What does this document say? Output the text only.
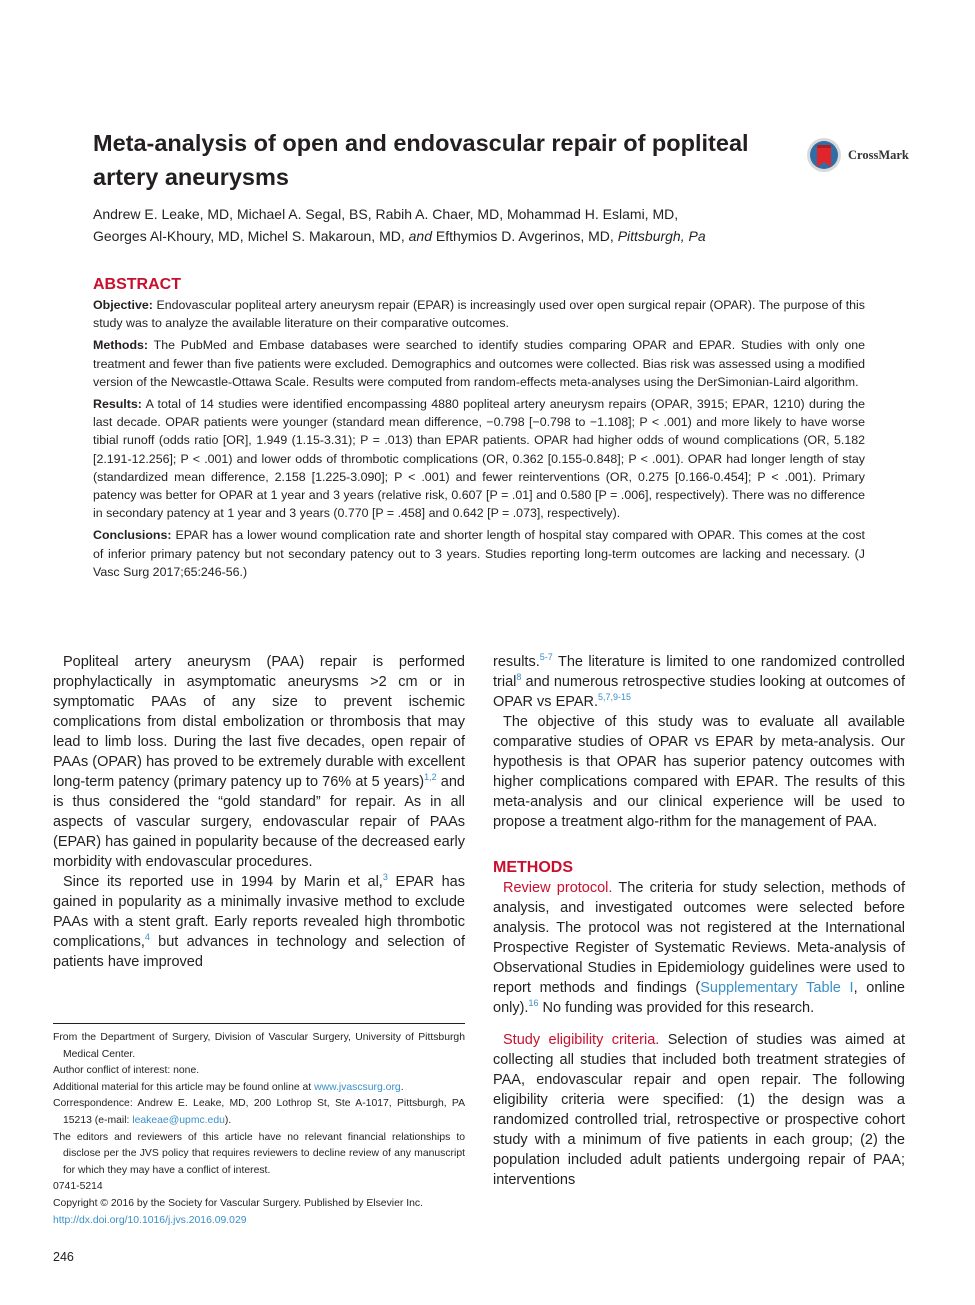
Meta-analysis of open and endovascular repair of popliteal artery aneurysms
CrossMark
Andrew E. Leake, MD, Michael A. Segal, BS, Rabih A. Chaer, MD, Mohammad H. Eslami, MD,
Georges Al-Khoury, MD, Michel S. Makaroun, MD, and Efthymios D. Avgerinos, MD, Pittsburgh, Pa
ABSTRACT

Objective: Endovascular popliteal artery aneurysm repair (EPAR) is increasingly used over open surgical repair (OPAR). The purpose of this study was to analyze the available literature on their comparative outcomes.

Methods: The PubMed and Embase databases were searched to identify studies comparing OPAR and EPAR. Studies with only one treatment and fewer than five patients were excluded. Demographics and outcomes were collected. Bias risk was assessed using a modified version of the Newcastle-Ottawa Scale. Results were computed from random-effects meta-analyses using the DerSimonian-Laird algorithm.

Results: A total of 14 studies were identified encompassing 4880 popliteal artery aneurysm repairs (OPAR, 3915; EPAR, 1210) during the last decade. OPAR patients were younger (standard mean difference, −0.798 [−0.798 to −1.108]; P < .001) and more likely to have worse tibial runoff (odds ratio [OR], 1.949 (1.15-3.31); P = .013) than EPAR patients. OPAR had higher odds of wound complications (OR, 5.182 [2.191-12.256]; P < .001) and lower odds of thrombotic complications (OR, 0.362 [0.155-0.848]; P < .001). OPAR had longer length of stay (standardized mean difference, 2.158 [1.225-3.090]; P < .001) and fewer reinterventions (OR, 0.275 [0.166-0.454]; P < .001). Primary patency was better for OPAR at 1 year and 3 years (relative risk, 0.607 [P = .01] and 0.580 [P = .006], respectively). There was no difference in secondary patency at 1 year and 3 years (0.770 [P = .458] and 0.642 [P = .073], respectively).

Conclusions: EPAR has a lower wound complication rate and shorter length of hospital stay compared with OPAR. This comes at the cost of inferior primary patency but not secondary patency out to 3 years. Studies reporting long-term outcomes are lacking and necessary. (J Vasc Surg 2017;65:246-56.)

Popliteal artery aneurysm (PAA) repair is performed prophylactically in asymptomatic aneurysms >2 cm or in symptomatic PAAs of any size to prevent ischemic complications from distal embolization or thrombosis that may lead to limb loss. During the last five decades, open repair of PAAs (OPAR) has proved to be extremely durable with excellent long-term patency (primary patency up to 76% at 5 years)$^{1,2}$ and is thus considered the “gold standard” for repair. As in all aspects of vascular surgery, endovascular repair of PAAs (EPAR) has gained in popularity because of the decreased early morbidity with endovascular procedures.

Since its reported use in 1994 by Marin et al,$^3$ EPAR has gained in popularity as a minimally invasive method to exclude PAAs with a stent graft. Early reports revealed high thrombotic complications,$^4$ but advances in technology and selection of patients have improved

results.$^{5-7}$ The literature is limited to one randomized controlled trial$^8$ and numerous retrospective studies looking at outcomes of OPAR vs EPAR.$^{5,7,9-15}$

The objective of this study was to evaluate all available comparative studies of OPAR vs EPAR by meta-analysis. Our hypothesis is that OPAR has superior patency outcomes with higher complications compared with EPAR. The results of this meta-analysis and our clinical experience will be used to propose a treatment algo-rithm for the management of PAA.

METHODS

Review protocol. The criteria for study selection, methods of analysis, and investigated outcomes were selected before analysis. The protocol was not registered at the International Prospective Register of Systematic Reviews. Meta-analysis of Observational Studies in Epidemiology guidelines were used to report methods and findings (Supplementary Table I, online only).$^{16}$ No funding was provided for this research.

Study eligibility criteria. Selection of studies was aimed at collecting all studies that included both treatment strategies of PAA, endovascular repair and open repair. The following eligibility criteria were specified: (1) the design was a randomized controlled trial, retrospective or prospective cohort study with a minimum of five patients in each group; (2) the population included adult patients undergoing repair of PAA; interventions

From the Department of Surgery, Division of Vascular Surgery, University of Pittsburgh Medical Center.
Author conflict of interest: none.
Additional material for this article may be found online at www.jvascsurg.org.
Correspondence: Andrew E. Leake, MD, 200 Lothrop St, Ste A-1017, Pittsburgh, PA 15213 (e-mail: leakeae@upmc.edu).
The editors and reviewers of this article have no relevant financial relationships to disclose per the JVS policy that requires reviewers to decline review of any manuscript for which they may have a conflict of interest.
0741-5214
Copyright © 2016 by the Society for Vascular Surgery. Published by Elsevier Inc.
http://dx.doi.org/10.1016/j.jvs.2016.09.029
246
